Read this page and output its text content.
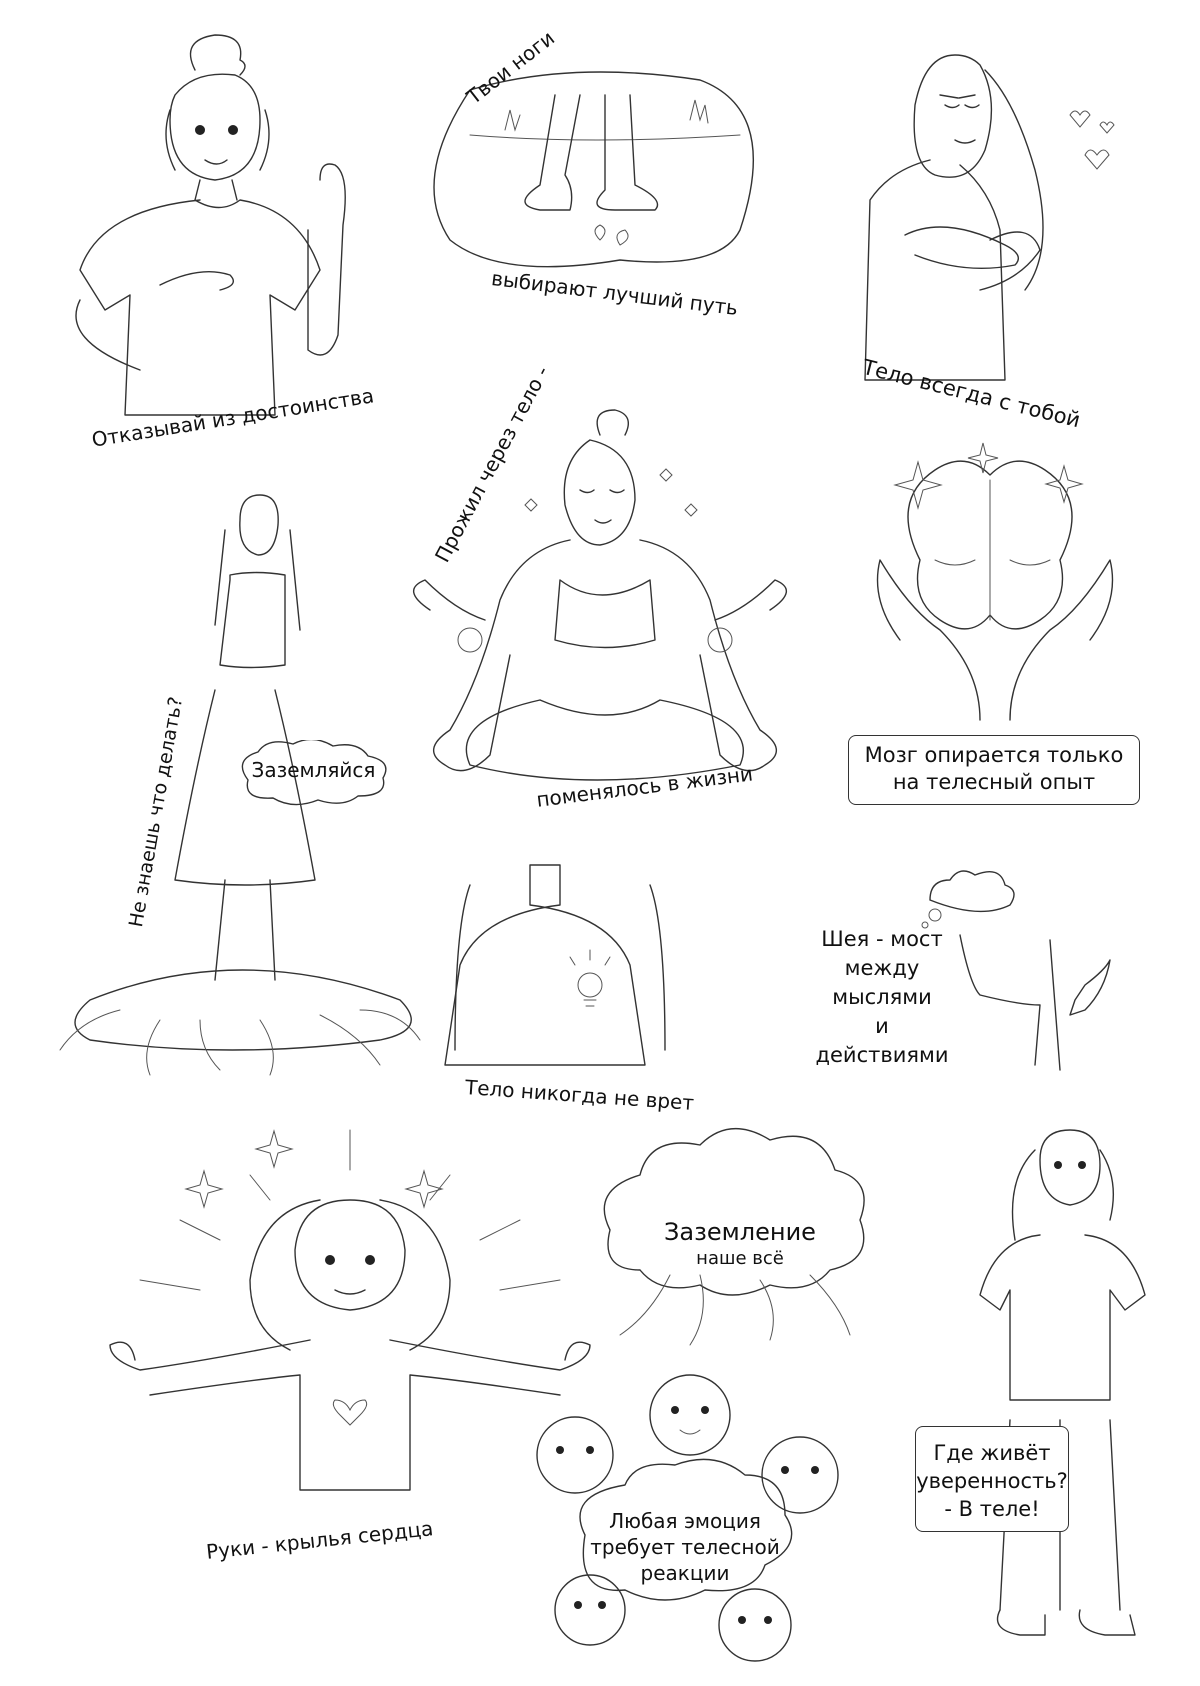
Отказывай из достоинства
Твои ноги
выбирают лучший путь
Тело всегда с тобой
Прожил через тело -
поменялось в жизни
Не знаешь что делать?	Заземляйся
Мозг опирается только
на телесный опыт
Шея - мост
между
мыслями
и
действиями
Тело никогда не врет
Заземление
наше всё
Руки - крылья сердца	Любая эмоция
требует телесной
реакции
Где живёт
уверенность?
- В теле!
